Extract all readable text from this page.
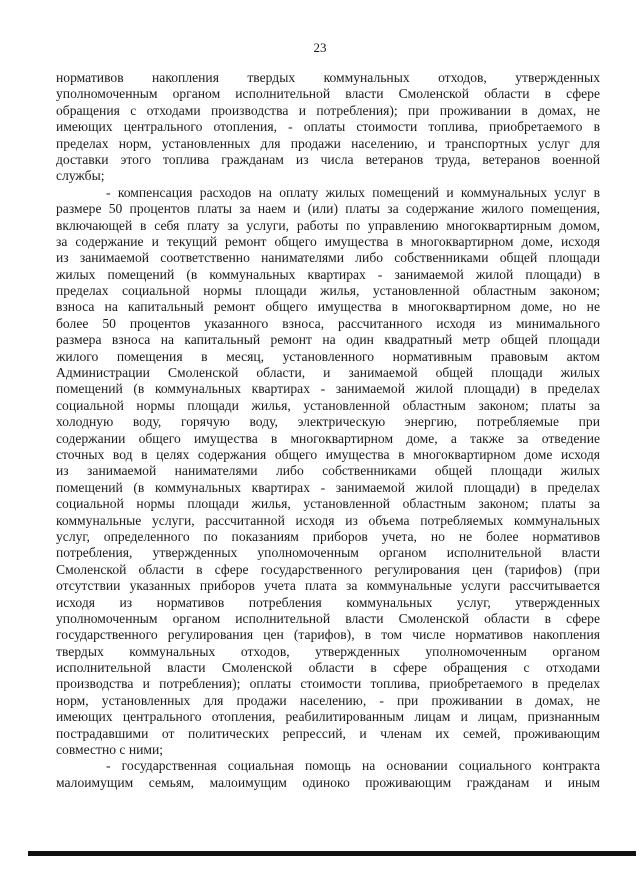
23
нормативов накопления твердых коммунальных отходов, утвержденных
уполномоченным органом исполнительной власти Смоленской области в сфере
обращения с отходами производства и потребления); при проживании в домах, не
имеющих центрального отопления, - оплаты стоимости топлива, приобретаемого в
пределах норм, установленных для продажи населению, и транспортных услуг для
доставки этого топлива гражданам из числа ветеранов труда, ветеранов военной
службы;
- компенсация расходов на оплату жилых помещений и коммунальных услуг в
размере 50 процентов платы за наем и (или) платы за содержание жилого помещения,
включающей в себя плату за услуги, работы по управлению многоквартирным домом,
за содержание и текущий ремонт общего имущества в многоквартирном доме, исходя
из занимаемой соответственно нанимателями либо собственниками общей площади
жилых помещений (в коммунальных квартирах - занимаемой жилой площади) в
пределах социальной нормы площади жилья, установленной областным законом;
взноса на капитальный ремонт общего имущества в многоквартирном доме, но не
более 50 процентов указанного взноса, рассчитанного исходя из минимального
размера взноса на капитальный ремонт на один квадратный метр общей площади
жилого помещения в месяц, установленного нормативным правовым актом
Администрации Смоленской области, и занимаемой общей площади жилых
помещений (в коммунальных квартирах - занимаемой жилой площади) в пределах
социальной нормы площади жилья, установленной областным законом; платы за
холодную воду, горячую воду, электрическую энергию, потребляемые при
содержании общего имущества в многоквартирном доме, а также за отведение
сточных вод в целях содержания общего имущества в многоквартирном доме исходя
из занимаемой нанимателями либо собственниками общей площади жилых
помещений (в коммунальных квартирах - занимаемой жилой площади) в пределах
социальной нормы площади жилья, установленной областным законом; платы за
коммунальные услуги, рассчитанной исходя из объема потребляемых коммунальных
услуг, определенного по показаниям приборов учета, но не более нормативов
потребления, утвержденных уполномоченным органом исполнительной власти
Смоленской области в сфере государственного регулирования цен (тарифов) (при
отсутствии указанных приборов учета плата за коммунальные услуги рассчитывается
исходя из нормативов потребления коммунальных услуг, утвержденных
уполномоченным органом исполнительной власти Смоленской области в сфере
государственного регулирования цен (тарифов), в том числе нормативов накопления
твердых коммунальных отходов, утвержденных уполномоченным органом
исполнительной власти Смоленской области в сфере обращения с отходами
производства и потребления); оплаты стоимости топлива, приобретаемого в пределах
норм, установленных для продажи населению, - при проживании в домах, не
имеющих центрального отопления, реабилитированным лицам и лицам, признанным
пострадавшими от политических репрессий, и членам их семей, проживающим
совместно с ними;
- государственная социальная помощь на основании социального контракта
малоимущим семьям, малоимущим одиноко проживающим гражданам и иным
